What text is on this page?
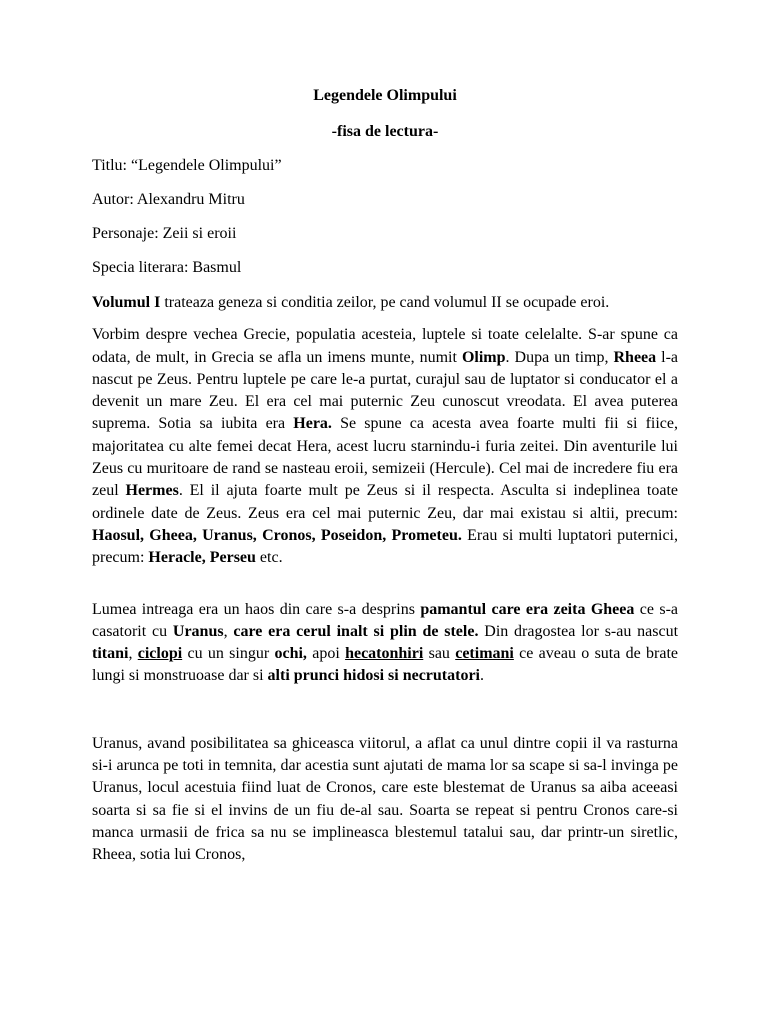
Legendele Olimpului
-fisa de lectura-
Titlu: “Legendele Olimpului”
Autor: Alexandru Mitru
Personaje: Zeii si eroii
Specia literara: Basmul

Volumul I trateaza geneza si conditia zeilor, pe cand volumul II se ocupade eroi.

Vorbim despre vechea Grecie, populatia acesteia, luptele si toate celelalte. S-ar spune ca odata, de mult, in Grecia se afla un imens munte, numit Olimp. Dupa un timp, Rheea l-a nascut pe Zeus. Pentru luptele pe care le-a purtat, curajul sau de luptator si conducator el a devenit un mare Zeu. El era cel mai puternic Zeu cunoscut vreodata. El avea puterea suprema. Sotia sa iubita era Hera. Se spune ca acesta avea foarte multi fii si fiice, majoritatea cu alte femei decat Hera, acest lucru starnindu-i furia zeitei. Din aventurile lui Zeus cu muritoare de rand se nasteau eroii, semizeii (Hercule). Cel mai de incredere fiu era zeul Hermes. El il ajuta foarte mult pe Zeus si il respecta. Asculta si indeplinea toate ordinele date de Zeus. Zeus era cel mai puternic Zeu, dar mai existau si altii, precum: Haosul, Gheea, Uranus, Cronos, Poseidon, Prometeu. Erau si multi luptatori puternici, precum: Heracle, Perseu etc.

Lumea intreaga era un haos din care s-a desprins pamantul care era zeita Gheea ce s-a casatorit cu Uranus, care era cerul inalt si plin de stele. Din dragostea lor s-au nascut titani, ciclopi cu un singur ochi, apoi hecatonhiri sau cetimani ce aveau o suta de brate lungi si monstruoase dar si alti prunci hidosi si necrutatori.

Uranus, avand posibilitatea sa ghiceasca viitorul, a aflat ca unul dintre copii il va rasturna si-i arunca pe toti in temnita, dar acestia sunt ajutati de mama lor sa scape si sa-l invinga pe Uranus, locul acestuia fiind luat de Cronos, care este blestemat de Uranus sa aiba aceeasi soarta si sa fie si el invins de un fiu de-al sau. Soarta se repeat si pentru Cronos care-si manca urmasii de frica sa nu se implineasca blestemul tatalui sau, dar printr-un siretlic, Rheea, sotia lui Cronos,
